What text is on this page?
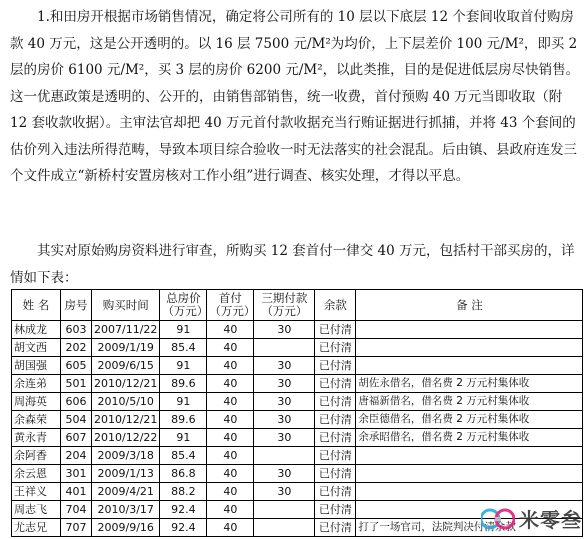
1.和田房开根据市场销售情况，确定将公司所有的 10 层以下底层 12 个套间收取首付购房款 40 万元，这是公开透明的。以 16 层 7500 元/M²为均价，上下层差价 100 元/M²，即买 2 层的房价 6100 元/M²，买 3 层的房价 6200 元/M²，以此类推，目的是促进低层房尽快销售。这一优惠政策是透明的、公开的，由销售部销售，统一收费，首付预购 40 万元当即收取（附 12 套收款收据）。主审法官却把 40 万元首付款收据充当行贿证据进行抓捕，并将 43 个套间的估价列入违法所得范畴，导致本项目综合验收一时无法落实的社会混乱。后由镇、县政府连发三个文件成立“新桥村安置房核对工作小组”进行调查、核实处理，才得以平息。

其实对原始购房资料进行审查，所购买 12 套首付一律交 40 万元，包括村干部买房的，详情如下表：

姓 名	房号	购买时间	总房价（万元）	首付（万元）	三期付款（万元）	余款	备 注
林成龙	603	2007/11/22	91	40	30	已付清	
胡文西	202	2009/1/19	85.4	40		已付清	
胡国强	605	2009/6/15	91	40	30	已付清	
余连弟	501	2010/12/21	89.6	40	30	已付清	胡佐永借名，借名费 2 万元村集体收
周海英	606	2010/5/10	91	40	30	已付清	唐福新借名，借名费 2 万元村集体收
余森荣	504	2010/12/21	89.6	40	30	已付清	余臣德借名，借名费 2 万元村集体收
黄永青	607	2010/12/22	91	40	30	已付清	余承昭借名，借名费 2 万元村集体收
余阿香	204	2009/3/18	85.4	40		已付清	
余云恩	301	2009/1/13	86.8	40	30	已付清	
王祥义	401	2009/4/21	88.2	40	30	已付清	
周志飞	704	2010/3/17	92.4	40		已付清	
尤志兄	707	2009/9/16	92.4	40		已付清	打了一场官司，法院判决付清余款 米零叁
